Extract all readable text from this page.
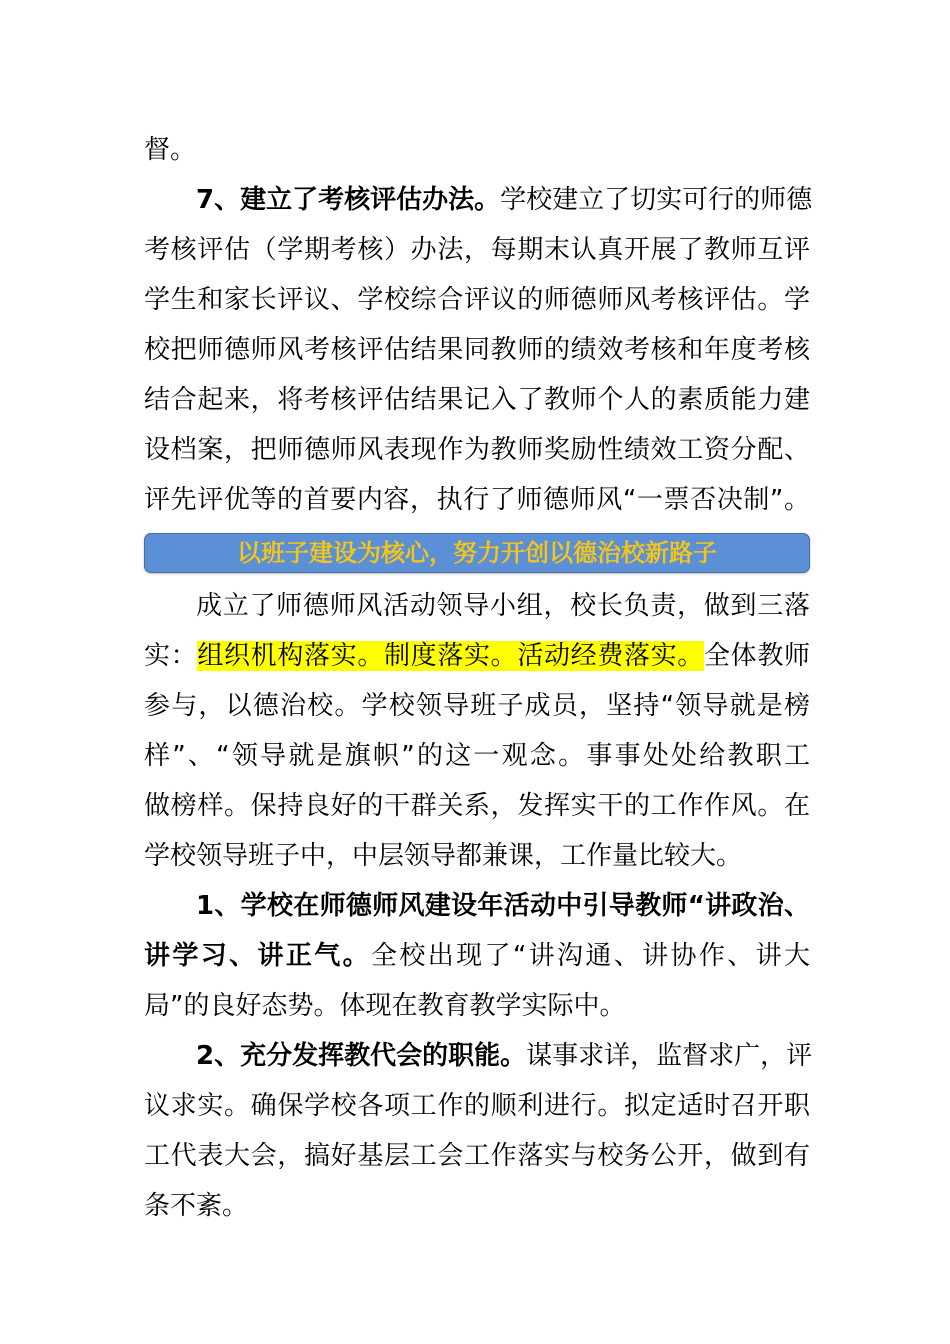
督。
7、建立了考核评估办法。学校建立了切实可行的师德
考核评估（学期考核）办法，每期末认真开展了教师互评
学生和家长评议、学校综合评议的师德师风考核评估。学
校把师德师风考核评估结果同教师的绩效考核和年度考核
结合起来，将考核评估结果记入了教师个人的素质能力建
设档案，把师德师风表现作为教师奖励性绩效工资分配、
评先评优等的首要内容，执行了师德师风“一票否决制”。
以班子建设为核心，努力开创以德治校新路子
成立了师德师风活动领导小组，校长负责，做到三落
实：组织机构落实。制度落实。活动经费落实。全体教师
参与，以德治校。学校领导班子成员，坚持“领导就是榜
样”、“领导就是旗帜”的这一观念。事事处处给教职工
做榜样。保持良好的干群关系，发挥实干的工作作风。在
学校领导班子中，中层领导都兼课，工作量比较大。
1、学校在师德师风建设年活动中引导教师“讲政治、
讲学习、讲正气。全校出现了“讲沟通、讲协作、讲大
局”的良好态势。体现在教育教学实际中。
2、充分发挥教代会的职能。谋事求详，监督求广，评
议求实。确保学校各项工作的顺利进行。拟定适时召开职
工代表大会，搞好基层工会工作落实与校务公开，做到有
条不紊。
